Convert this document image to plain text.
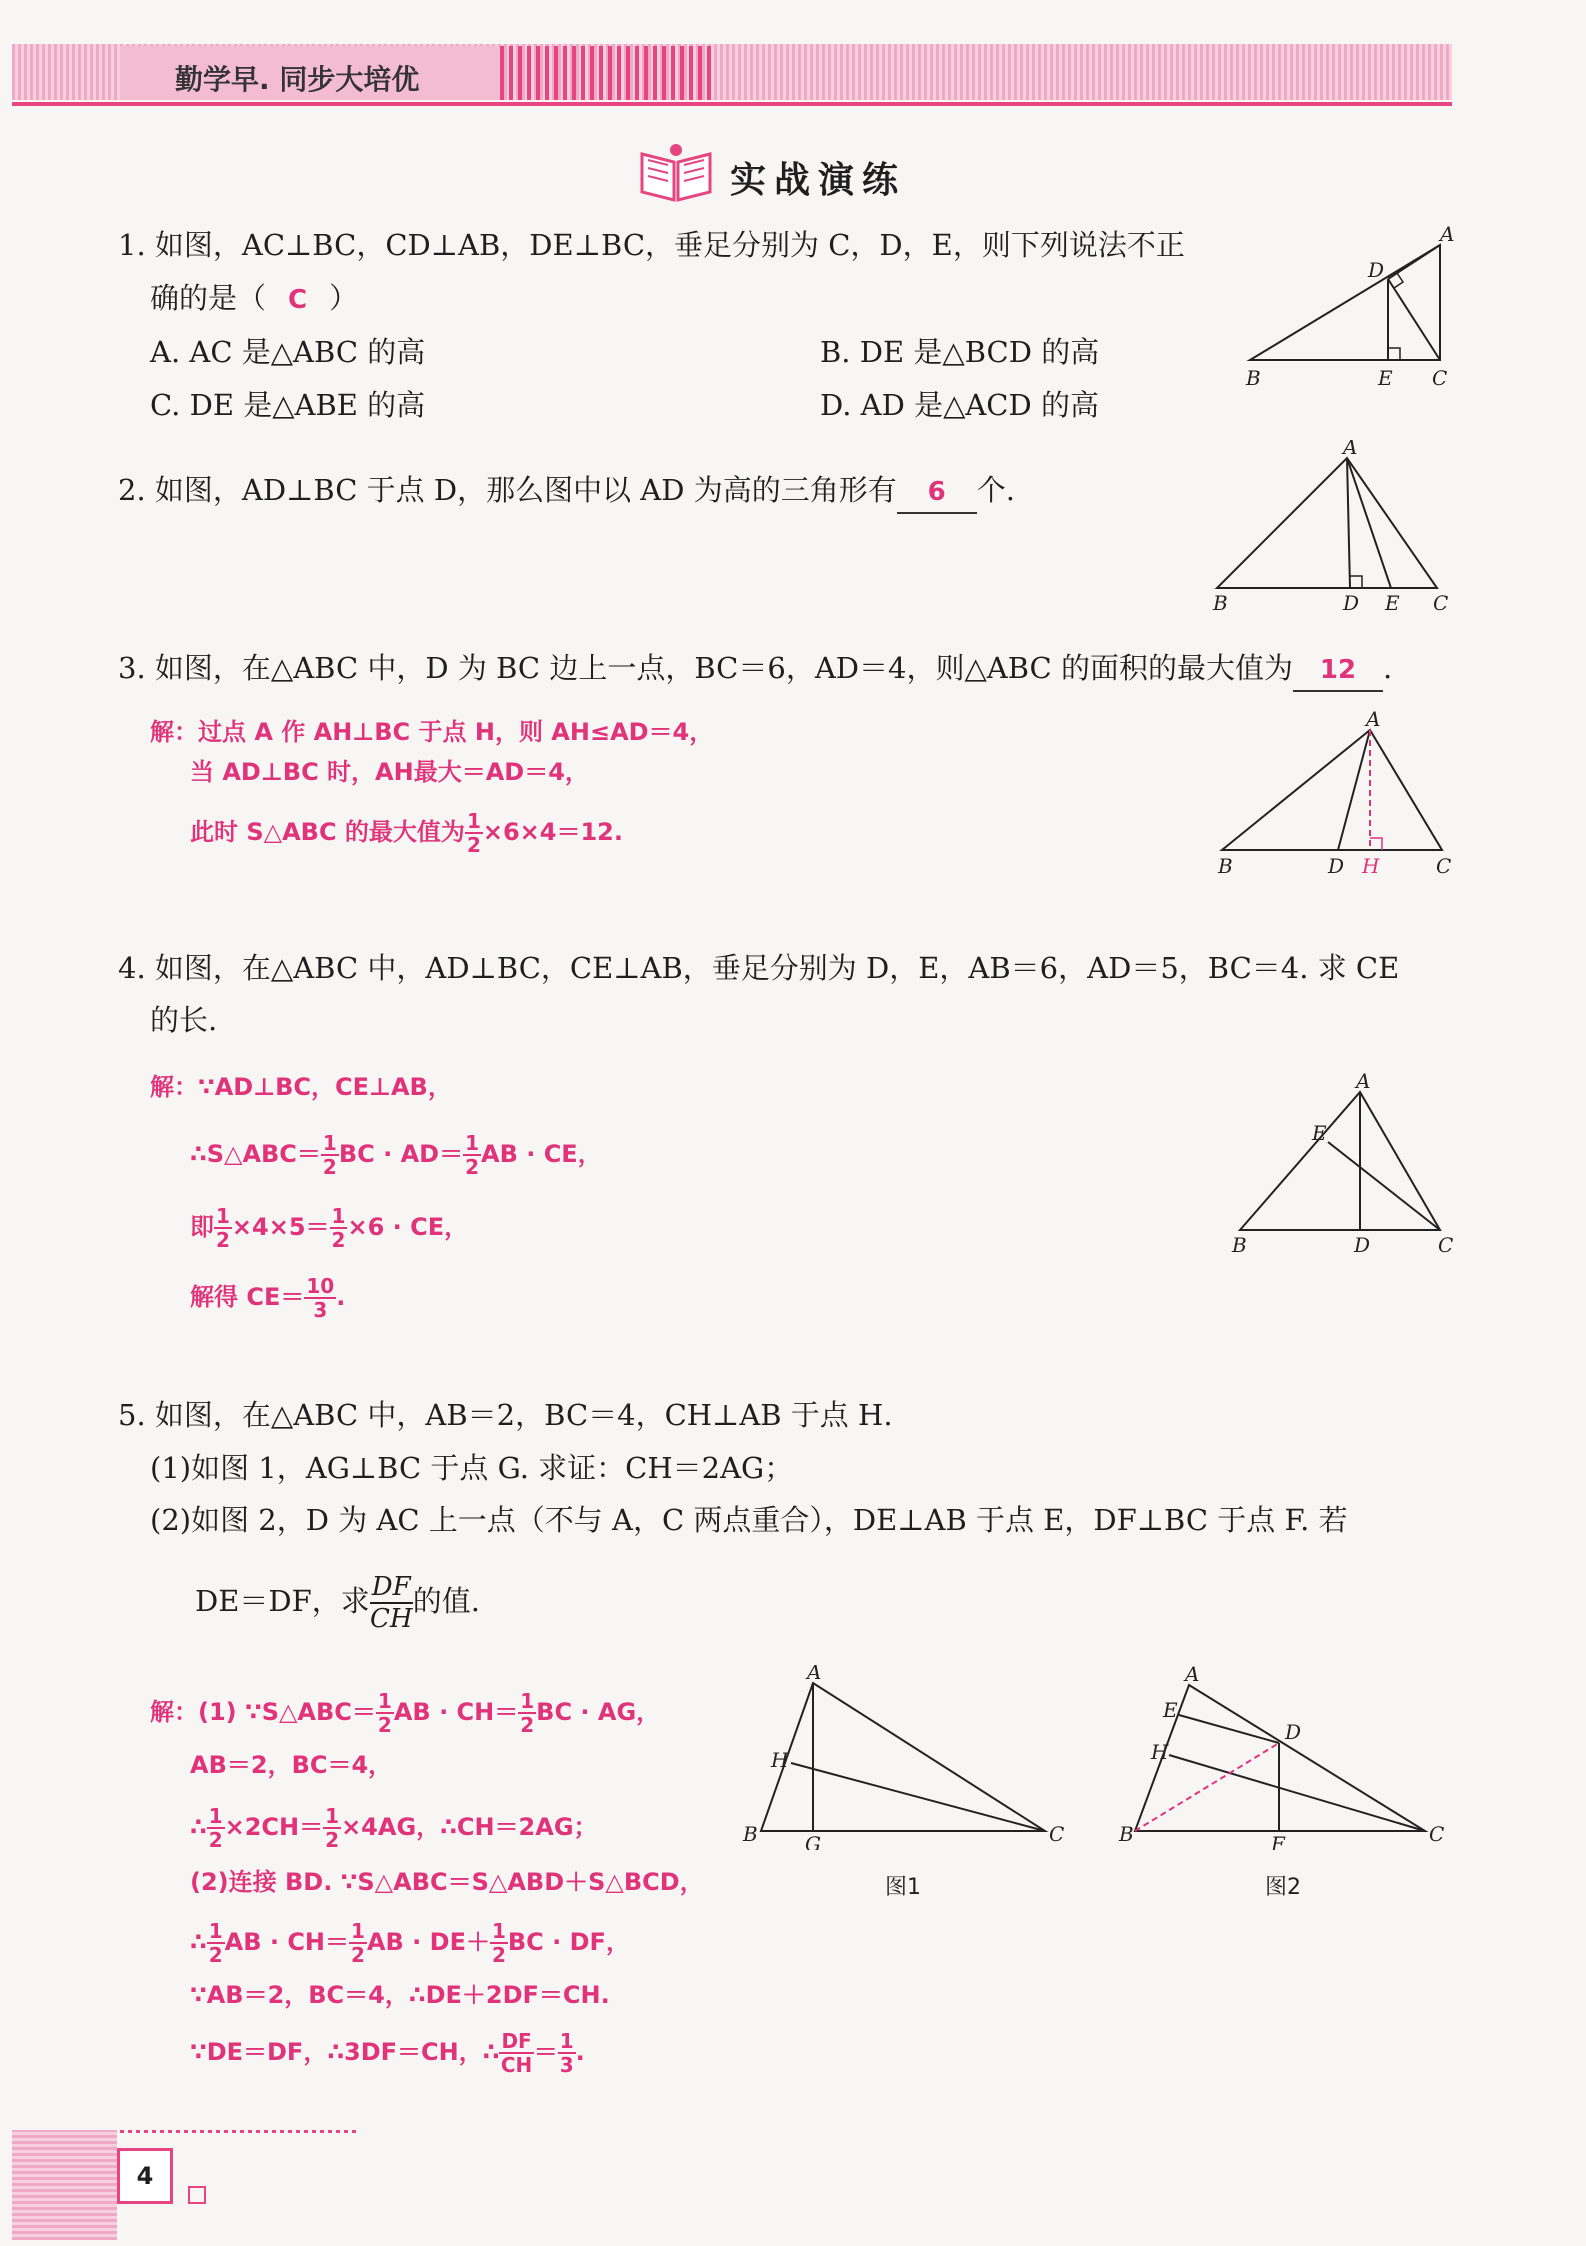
勤学早. 同步大培优
实战演练
1. 如图，AC⊥BC，CD⊥AB，DE⊥BC，垂足分别为 C，D，E，则下列说法不正
确的是（ C ）
A. AC 是△ABC 的高	B. DE 是△BCD 的高
C. DE 是△ABE 的高	D. AD 是△ACD 的高
A
D
B	E C
2. 如图，AD⊥BC 于点 D，那么图中以 AD 为高的三角形有 6 个.
A
B	D E C
3. 如图，在△ABC 中，D 为 BC 边上一点，BC＝6，AD＝4，则△ABC 的面积的最大值为 12 .
解：过点 A 作 AH⊥BC 于点 H，则 AH≤AD＝4，
当 AD⊥BC 时，AH最大＝AD＝4，
此时 S△ABC 的最大值为 $\frac{1}{2} \times 6\times 4=12$.
A
B	D H	C
4. 如图，在△ABC 中，AD⊥BC，CE⊥AB，垂足分别为 D，E，AB＝6，AD＝5，BC＝4. 求 CE
的长.
解：∵AD⊥BC，CE⊥AB，
∴S△ABC＝ $\frac{1}{2}$ BC · $AD= \frac{1}{2}$ AB · CE，
即 $\frac{1}{2} \times 4\times 5= \frac{1}{2} \times 6$ · CE，
解得 $CE= \frac{10}{3}$ .
A
E
B	D	C
5. 如图，在△ABC 中，AB＝2，BC＝4，CH⊥AB 于点 H.
(1)如图 1，AG⊥BC 于点 G. 求证：CH＝2AG；
(2)如图 2，D 为 AC 上一点（不与 A，C 两点重合），DE⊥AB 于点 E，DF⊥BC 于点 F. 若
DE＝DF，求 $\frac{DF}{CH}$ 的值.
解：(1) ∵S△ABC＝ $\frac{1}{2}$ AB · $CH= \frac{1}{2}$ BC · AG，
AB＝2，BC＝4，
∴ $\frac{1}{2} \times 2CH= \frac{1}{2} \times 4AG$，∴CH＝2AG；
(2)连接 BD. ∵S△ABC＝S△ABD＋S△BCD，
∴ $\frac{1}{2}$ AB · $CH= \frac{1}{2}$ AB · $DE+ \frac{1}{2}$ BC · DF，
∵AB＝2，BC＝4，∴DE＋2DF＝CH.
∵DE＝DF，∴3DF＝CH，∴ $\frac{DF}{CH} = \frac{1}{3}$ .
A
H
B G	C
图1
A
E
H
D
B	F	C
图2
4
